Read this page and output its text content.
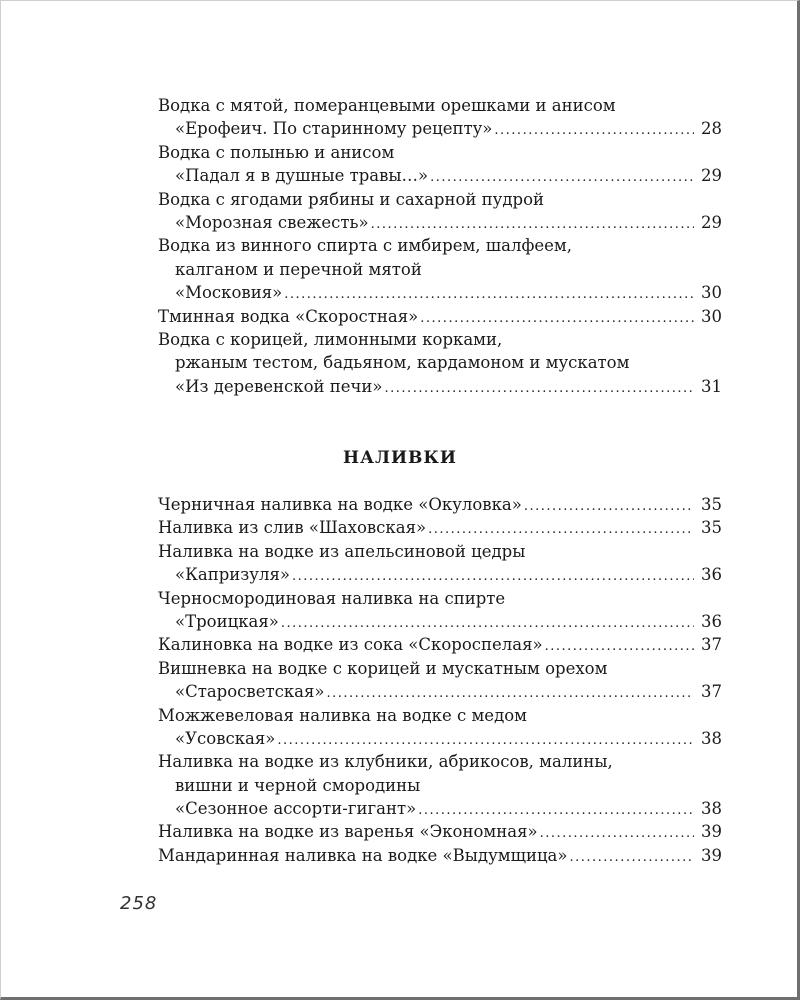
Водка с мятой, померанцевыми орешками и анисом
«Ерофеич. По старинному рецепту» .....	28
Водка с полынью и анисом
«Падал я в душные травы…» .....	29
Водка с ягодами рябины и сахарной пудрой
«Морозная свежесть» .....	29
Водка из винного спирта с имбирем, шалфеем,
калганом и перечной мятой
«Московия» .....	30
Тминная водка «Скоростная» .....	30
Водка с корицей, лимонными корками,
ржаным тестом, бадьяном, кардамоном и мускатом
«Из деревенской печи» .....	31
НАЛИВКИ
Черничная наливка на водке «Окуловка» .....	35
Наливка из слив «Шаховская» .....	35
Наливка на водке из апельсиновой цедры
«Капризуля» .....	36
Черносмородиновая наливка на спирте
«Троицкая» .....	36
Калиновка на водке из сока «Скороспелая» .....	37
Вишневка на водке с корицей и мускатным орехом
«Старосветская» .....	37
Можжевеловая наливка на водке с медом
«Усовская» .....	38
Наливка на водке из клубники, абрикосов, малины,
вишни и черной смородины
«Сезонное ассорти-гигант» .....	38
Наливка на водке из варенья «Экономная» .....	39
Мандаринная наливка на водке «Выдумщица» .....	39
258
